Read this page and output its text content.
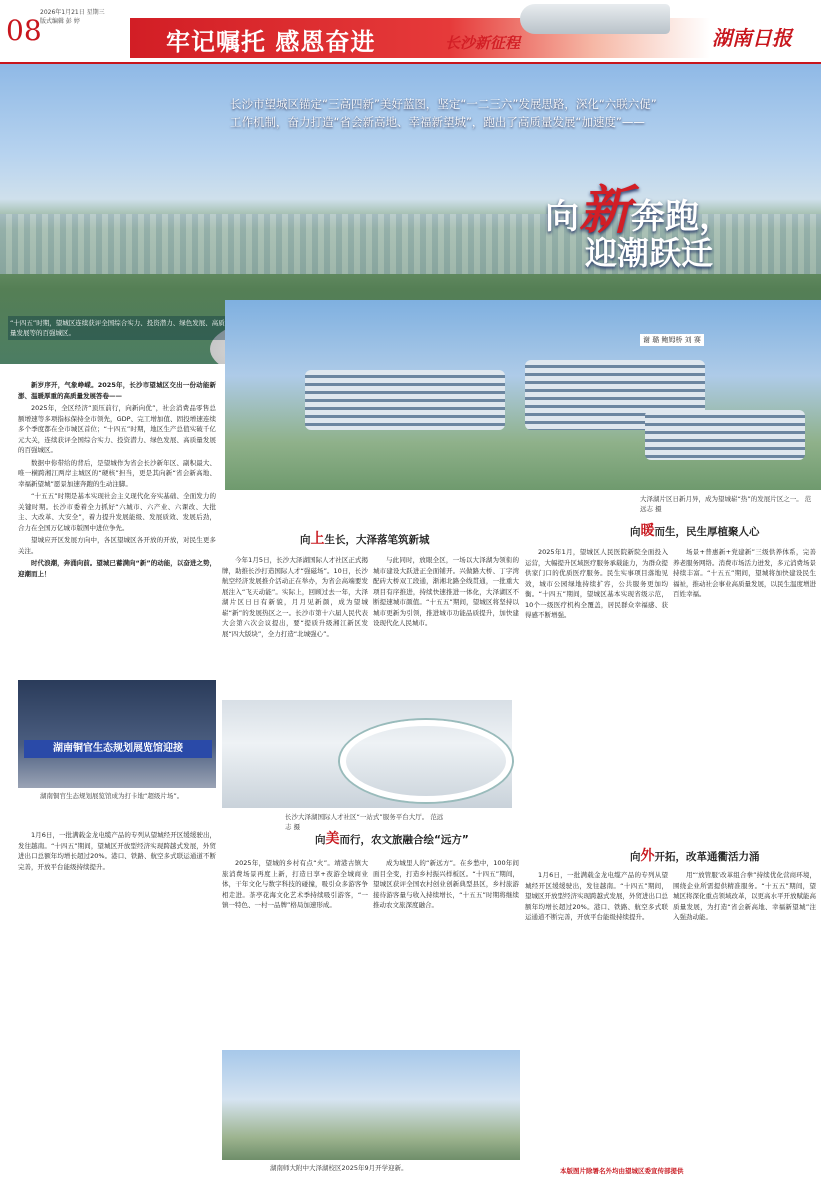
08
2026年1月21日 星期三
版式编辑 彭 婷
牢记嘱托 感恩奋进	长沙新征程	湖南日报
长沙市望城区锚定“三高四新”美好蓝图，坚定“一二三六”发展思路，深化“六联六促”
工作机制，奋力打造“省会新高地、幸福新望城”，跑出了高质量发展“加速度”——
向新奔跑，
迎潮跃迁
“十四五”时期，望城区连续获评全国综合实力、投资潜力、绿色发展、高质量发展等的百强城区。
谢 璐 鲍姆桥 刘 赛
大泽湖片区日新月异，成为望城崭“热”的发展片区之一。 范远志 摄

新岁序开，气象峥嵘。2025年，长沙市望城区交出一份动能新澎、温暖厚重的高质量发展答卷——

2025年，全区经济“顶压前行，向新向优”，社会消费品零售总额增速等多项指标保持全市领先，GDP、完工增加值、固投增速连续多个季度都在全市城区首位；“十四五”时期，地区生产总值实破千亿元大关，连续获评全国综合实力、投资潜力、绿色发展、高质量发展的百强城区。

数据中你带给的背后，是望城作为省会长沙新年区、副积最大、唯一横跨湘江两岸主城区的“硬核”担当，更是其向新“省会新高地、幸福新望城”愿景加速奔跑的生动注脚。

“十五五”时期是基本实现社会主义现代化夯实基础、全面发力的关键时期。长沙市委着全力抓好“六城市、六产业、六课改、大批主、大改革、大安全”，着力提升发展能级、发展质效、发展后劲，合力在全国万亿城市版图中进位争先。

望城应开区发展方向中，各区望城区各开放的开放，对民生更多关注。

时代浪潮，奔涌向前。望城已蓄满向“新”的动能，以奋进之势，迎潮而上！

湖南铜官生态规划展览馆迎接
湖南铜官生态规划展览馆成为打卡地“超级片场”。
向上生长，大泽落笔筑新城

今年1月5日，长沙大泽湖国际人才社区正式揭牌，助推长沙打造国际人才“强磁场”。10日，长沙航空经济发展推介活动正在举办，为省会高端要发展注入“飞天动能”。实际上，回顾过去一年，大泽湖片区日日有新貌，月月见新颜，成为望城崭“新”的发展热区之一。长沙市第十六届人民代表大会第六次会议提出，要“提质升级湘江新区发展“四大版块”，全力打造“北城强心”。

与此同时，放眼全区，一场以大泽湖为领衔的城市建设大跃进正全面铺开。兴做路大桥、丁字湾配砖大桥双工段通，渐湘北路全线贯通，一批重大项目有序推进，持续快速推进一体化，大泽湖区不断提速城市颜值。“十五五”期间，望城区将坚持以城市更新为引领，推进城市功能品质提升，加快建设现代化人民城市。

长沙大泽湖国际人才社区“一站式”服务平台大厅。 范远志 摄
向暖而生，民生厚植聚人心

2025年1月，望城区人民医院新院全面投入运营，大幅提升区域医疗服务承载能力，为群众提供家门口的优质医疗服务。民生实事项目落地见效，城市公园绿地持续扩容，公共服务更加均衡。“十四五”期间，望城区基本实现省级示范，10个一级医疗机构全覆盖，居民群众幸福感、获得感不断增强。

场景+普惠新+党建新”三级供养体系，完善养老服务网络。消费市场活力迸发，多元消费场景持续丰富。“十五五”期间，望城将加快建设民生福祉，推动社会事业高质量发展，以民生温度增进百姓幸福。

1月6日，一批满载金龙电缆产品的专列从望城经开区缓缓驶出，发往越南。“十四五”期间，望城区开放型经济实现跨越式发展，外贸进出口总额年均增长超过20%。港口、铁路、航空多式联运通道不断完善，开放平台能级持续提升。

向美而行，农文旅融合绘“远方”

2025年，望城的乡村有点“火”。靖港古镇大旅消费场景再度上新，打造日享+夜游全城商业体，干年文化与数字科技的碰撞，吸引众多游客争相走进。茶亭花海文化艺术季持续吸引游客，“一镇一特色、一村一品牌”格局加速形成。

成为城里人的“新远方”。在乡愁中，100年间面目全变，打造乡村振兴样板区。“十四五”期间，望城区获评全国农村创业创新典型县区，乡村旅游接待游客量与收入持续增长，“十五五”时期将继续推动农文旅深度融合。

湖南师大附中大泽湖校区2025年9月开学迎新。
向外开拓，改革通衢活力涌

1月6日，一批满载金龙电缆产品的专列从望城经开区缓缓驶出，发往越南。“十四五”期间，望城区开放型经济实现跨越式发展，外贸进出口总额年均增长超过20%。港口、铁路、航空多式联运通道不断完善，开放平台能级持续提升。

用“‘放管服’改革组合拳”持续优化营商环境，围绕企业所需提供精准服务。“十五五”期间，望城区将深化重点领域改革，以更高水平开放赋能高质量发展，为打造“省会新高地、幸福新望城”注入强劲动能。

本版图片除署名外均由望城区委宣传部提供
